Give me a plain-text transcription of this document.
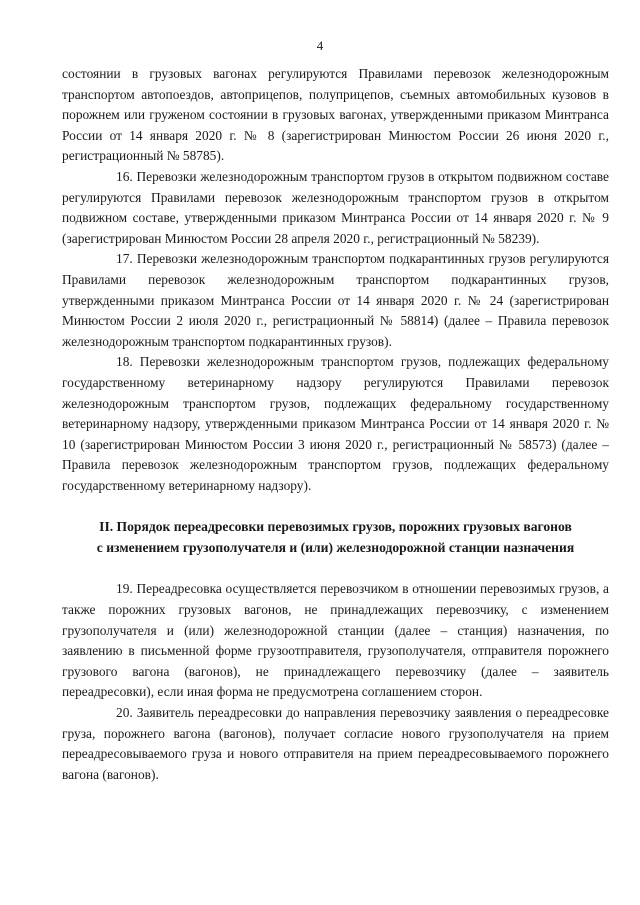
4

состоянии в грузовых вагонах регулируются Правилами перевозок железнодорожным транспортом автопоездов, автоприцепов, полуприцепов, съемных автомобильных кузовов в порожнем или груженом состоянии в грузовых вагонах, утвержденными приказом Минтранса России от 14 января 2020 г. № 8 (зарегистрирован Минюстом России 26 июня 2020 г., регистрационный № 58785).

16. Перевозки железнодорожным транспортом грузов в открытом подвижном составе регулируются Правилами перевозок железнодорожным транспортом грузов в открытом подвижном составе, утвержденными приказом Минтранса России от 14 января 2020 г. № 9 (зарегистрирован Минюстом России 28 апреля 2020 г., регистрационный № 58239).

17. Перевозки железнодорожным транспортом подкарантинных грузов регулируются Правилами перевозок железнодорожным транспортом подкарантинных грузов, утвержденными приказом Минтранса России от 14 января 2020 г. № 24 (зарегистрирован Минюстом России 2 июля 2020 г., регистрационный № 58814) (далее – Правила перевозок железнодорожным транспортом подкарантинных грузов).

18. Перевозки железнодорожным транспортом грузов, подлежащих федеральному государственному ветеринарному надзору регулируются Правилами перевозок железнодорожным транспортом грузов, подлежащих федеральному государственному ветеринарному надзору, утвержденными приказом Минтранса России от 14 января 2020 г. № 10 (зарегистрирован Минюстом России 3 июня 2020 г., регистрационный № 58573) (далее – Правила перевозок железнодорожным транспортом грузов, подлежащих федеральному государственному ветеринарному надзору).

II. Порядок переадресовки перевозимых грузов, порожних грузовых вагонов
с изменением грузополучателя и (или) железнодорожной станции назначения

19. Переадресовка осуществляется перевозчиком в отношении перевозимых грузов, а также порожних грузовых вагонов, не принадлежащих перевозчику, с изменением грузополучателя и (или) железнодорожной станции (далее – станция) назначения, по заявлению в письменной форме грузоотправителя, грузополучателя, отправителя порожнего грузового вагона (вагонов), не принадлежащего перевозчику (далее – заявитель переадресовки), если иная форма не предусмотрена соглашением сторон.

20. Заявитель переадресовки до направления перевозчику заявления о переадресовке груза, порожнего вагона (вагонов), получает согласие нового грузополучателя на прием переадресовываемого груза и нового отправителя на прием переадресовываемого порожнего вагона (вагонов).
